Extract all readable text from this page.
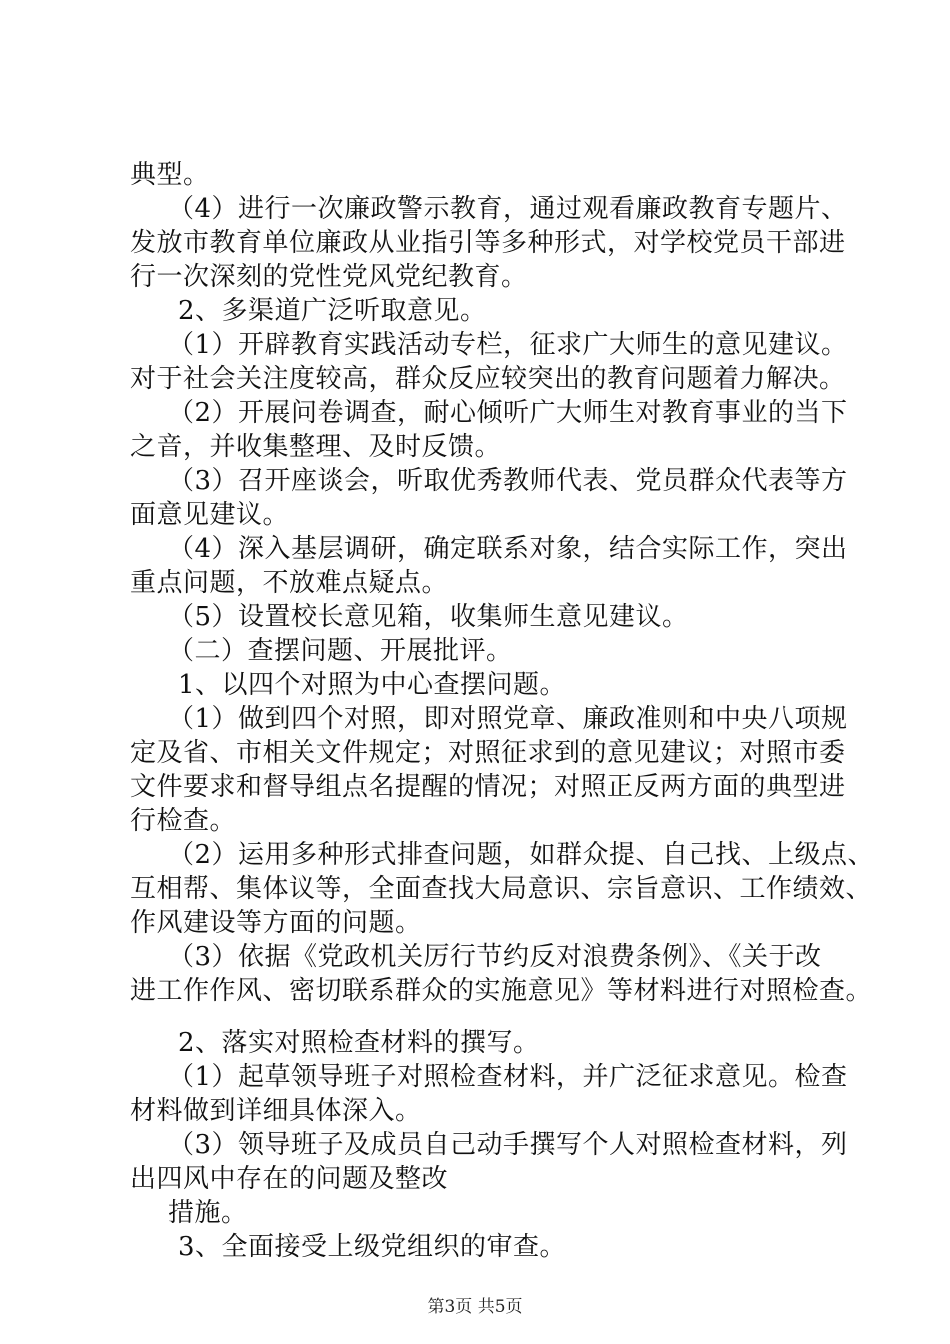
典型。
（4）进行一次廉政警示教育，通过观看廉政教育专题片、
发放市教育单位廉政从业指引等多种形式，对学校党员干部进
行一次深刻的党性党风党纪教育。
2、多渠道广泛听取意见。
（1）开辟教育实践活动专栏，征求广大师生的意见建议。
对于社会关注度较高，群众反应较突出的教育问题着力解决。
（2）开展问卷调查，耐心倾听广大师生对教育事业的当下
之音，并收集整理、及时反馈。
（3）召开座谈会，听取优秀教师代表、党员群众代表等方
面意见建议。
（4）深入基层调研，确定联系对象，结合实际工作，突出
重点问题，不放难点疑点。
（5）设置校长意见箱，收集师生意见建议。
（二）查摆问题、开展批评。
1、以四个对照为中心查摆问题。
（1）做到四个对照，即对照党章、廉政准则和中央八项规
定及省、市相关文件规定；对照征求到的意见建议；对照市委
文件要求和督导组点名提醒的情况；对照正反两方面的典型进
行检查。
（2）运用多种形式排查问题，如群众提、自己找、上级点、
互相帮、集体议等，全面查找大局意识、宗旨意识、工作绩效、
作风建设等方面的问题。
（3）依据《党政机关厉行节约反对浪费条例》、《关于改
进工作作风、密切联系群众的实施意见》等材料进行对照检查。
2、落实对照检查材料的撰写。
（1）起草领导班子对照检查材料，并广泛征求意见。检查
材料做到详细具体深入。
（3）领导班子及成员自己动手撰写个人对照检查材料，列
出四风中存在的问题及整改
措施。
3、全面接受上级党组织的审查。
第3页 共5页
